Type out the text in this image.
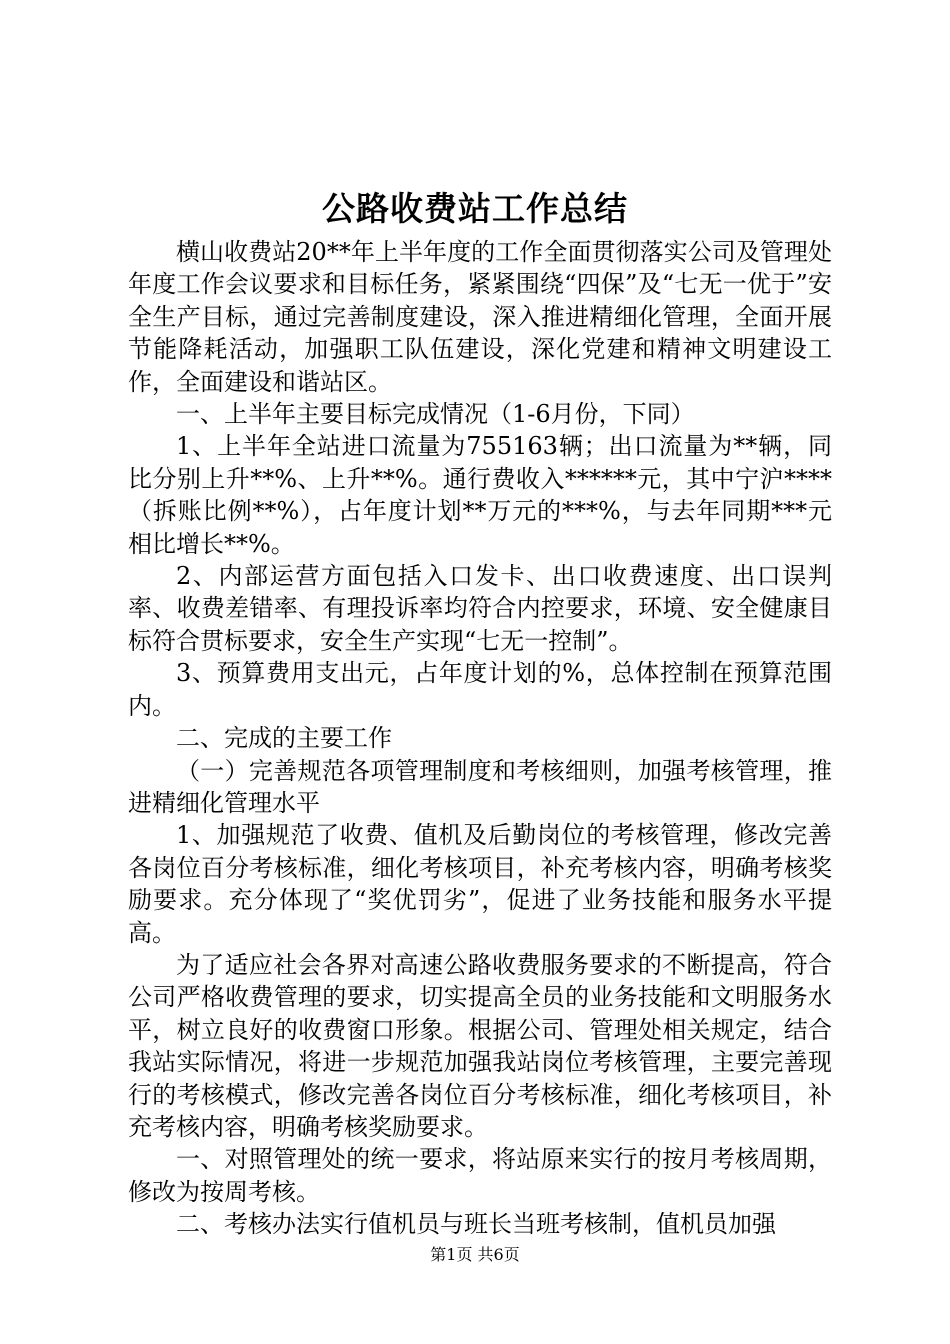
公路收费站工作总结

横山收费站20**年上半年度的工作全面贯彻落实公司及管理处年度工作会议要求和目标任务，紧紧围绕“四保”及“七无一优于”安全生产目标，通过完善制度建设，深入推进精细化管理，全面开展节能降耗活动，加强职工队伍建设，深化党建和精神文明建设工作，全面建设和谐站区。

一、上半年主要目标完成情况（1-6月份，下同）

1、上半年全站进口流量为755163辆；出口流量为**辆，同比分别上升**%、上升**%。通行费收入******元，其中宁沪****（拆账比例**%），占年度计划**万元的***%，与去年同期***元相比增长**%。

2、内部运营方面包括入口发卡、出口收费速度、出口误判率、收费差错率、有理投诉率均符合内控要求，环境、安全健康目标符合贯标要求，安全生产实现“七无一控制”。

3、预算费用支出元，占年度计划的%，总体控制在预算范围内。

二、完成的主要工作

（一）完善规范各项管理制度和考核细则，加强考核管理，推进精细化管理水平

1、加强规范了收费、值机及后勤岗位的考核管理，修改完善各岗位百分考核标准，细化考核项目，补充考核内容，明确考核奖励要求。充分体现了“奖优罚劣”，促进了业务技能和服务水平提高。

为了适应社会各界对高速公路收费服务要求的不断提高，符合公司严格收费管理的要求，切实提高全员的业务技能和文明服务水平，树立良好的收费窗口形象。根据公司、管理处相关规定，结合我站实际情况，将进一步规范加强我站岗位考核管理，主要完善现行的考核模式，修改完善各岗位百分考核标准，细化考核项目，补充考核内容，明确考核奖励要求。

一、对照管理处的统一要求，将站原来实行的按月考核周期，修改为按周考核。

二、考核办法实行值机员与班长当班考核制，值机员加强

第1页 共6页
